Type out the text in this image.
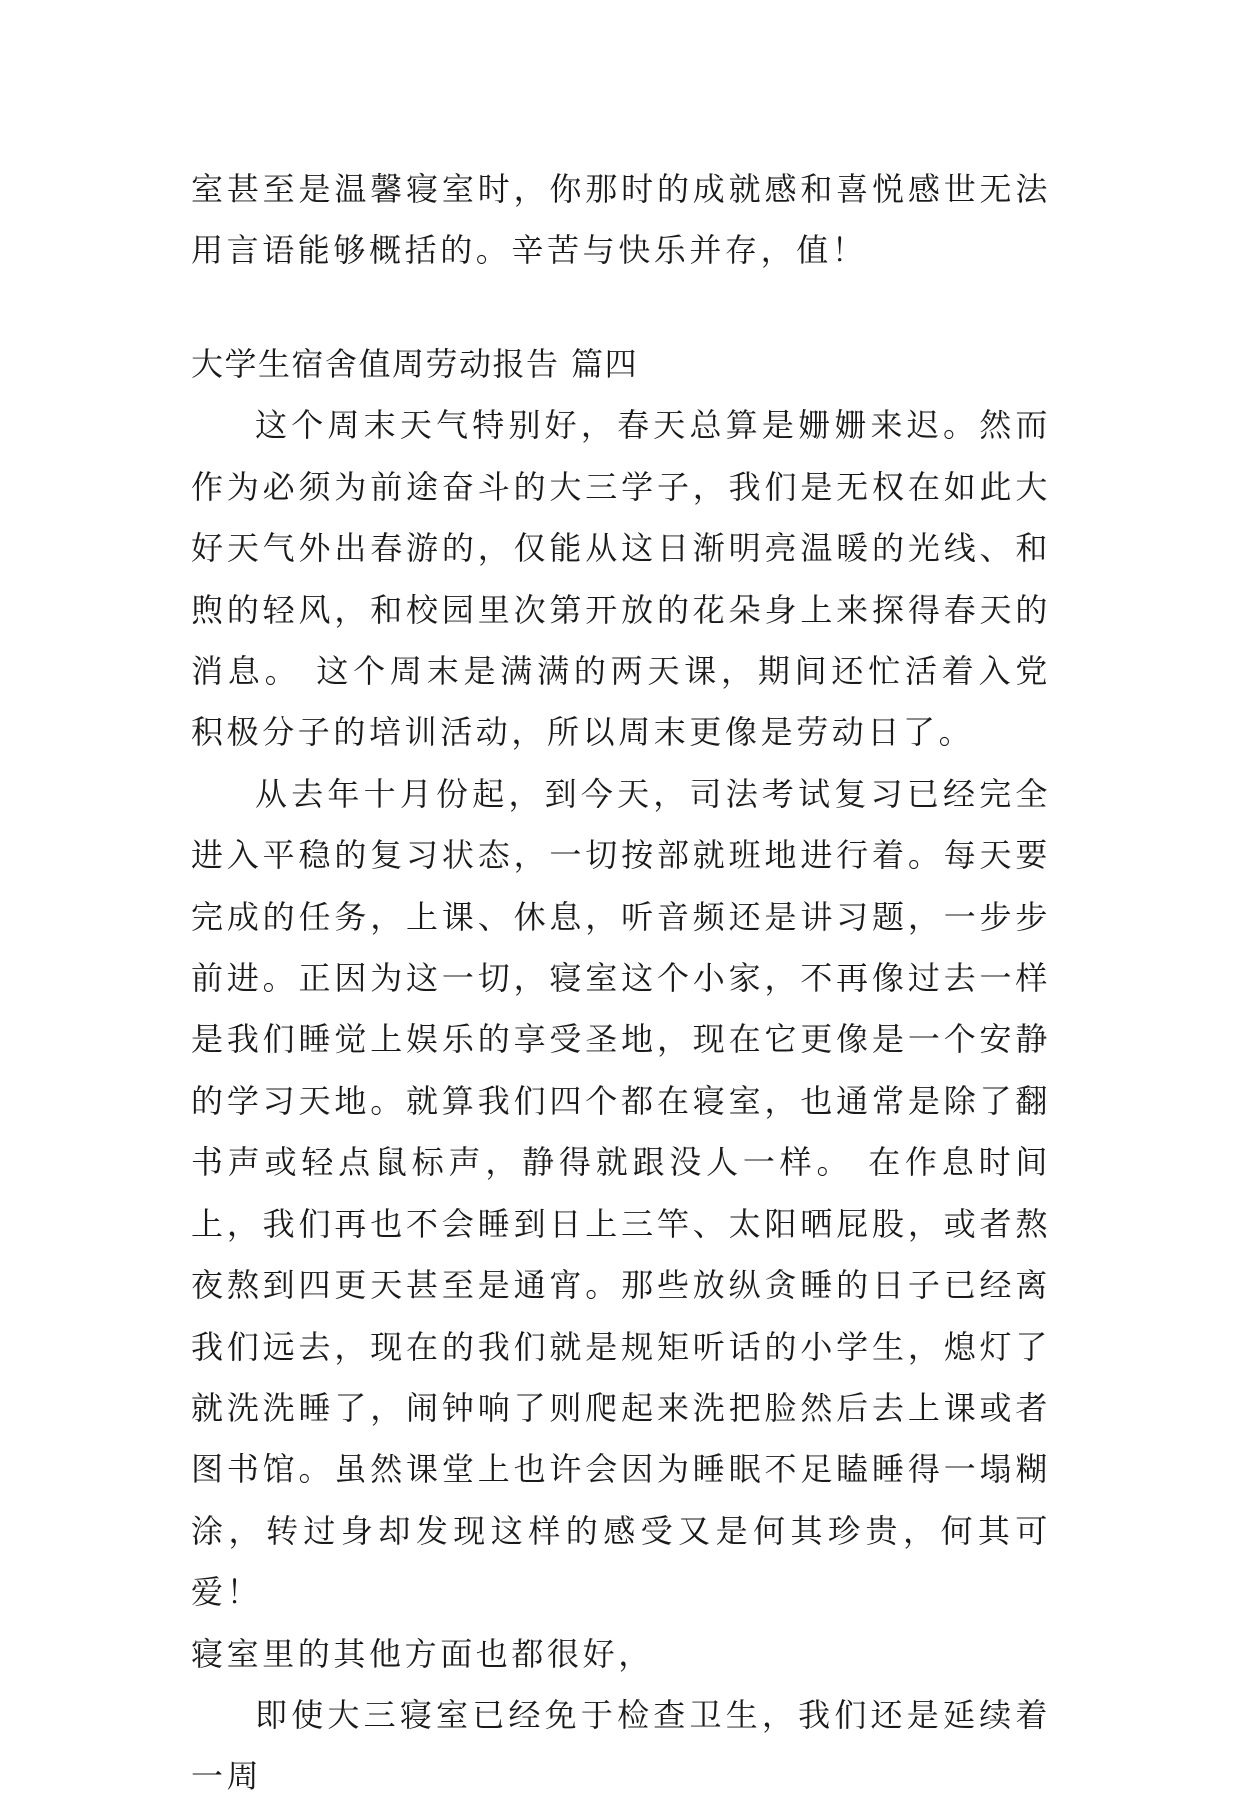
室甚至是温馨寝室时，你那时的成就感和喜悦感世无法用言语能够概括的。辛苦与快乐并存，值！

大学生宿舍值周劳动报告 篇四

这个周末天气特别好，春天总算是姗姗来迟。然而作为必须为前途奋斗的大三学子，我们是无权在如此大好天气外出春游的，仅能从这日渐明亮温暖的光线、和煦的轻风，和校园里次第开放的花朵身上来探得春天的消息。 这个周末是满满的两天课，期间还忙活着入党积极分子的培训活动，所以周末更像是劳动日了。

从去年十月份起，到今天，司法考试复习已经完全进入平稳的复习状态，一切按部就班地进行着。每天要完成的任务，上课、休息，听音频还是讲习题，一步步前进。正因为这一切，寝室这个小家，不再像过去一样是我们睡觉上娱乐的享受圣地，现在它更像是一个安静的学习天地。就算我们四个都在寝室，也通常是除了翻书声或轻点鼠标声，静得就跟没人一样。 在作息时间上，我们再也不会睡到日上三竿、太阳晒屁股，或者熬夜熬到四更天甚至是通宵。那些放纵贪睡的日子已经离我们远去，现在的我们就是规矩听话的小学生，熄灯了就洗洗睡了，闹钟响了则爬起来洗把脸然后去上课或者图书馆。虽然课堂上也许会因为睡眠不足瞌睡得一塌糊涂，转过身却发现这样的感受又是何其珍贵，何其可爱！

寝室里的其他方面也都很好，

即使大三寝室已经免于检查卫生，我们还是延续着一周
